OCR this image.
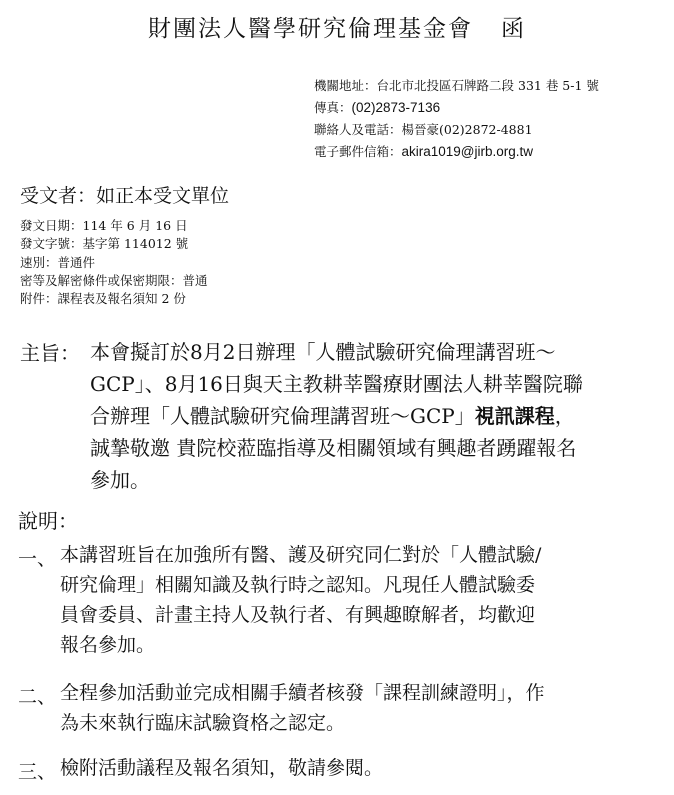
財團法人醫學研究倫理基金會 函
機關地址：台北市北投區石牌路二段 331 巷 5-1 號
傳真：(02)2873-7136
聯絡人及電話：楊晉豪(02)2872-4881
電子郵件信箱：akira1019@jirb.org.tw
受文者：如正本受文單位
發文日期：114 年 6 月 16 日
發文字號：基字第 114012 號
速別：普通件
密等及解密條件或保密期限：普通
附件：課程表及報名須知 2 份
主旨： 本會擬訂於8月2日辦理「人體試驗研究倫理講習班～
GCP」、8月16日與天主教耕莘醫療財團法人耕莘醫院聯
合辦理「人體試驗研究倫理講習班～GCP」視訊課程，
誠摯敬邀 貴院校蒞臨指導及相關領域有興趣者踴躍報名
參加。
說明：
一、 本講習班旨在加強所有醫、護及研究同仁對於「人體試驗/
研究倫理」相關知識及執行時之認知。凡現任人體試驗委
員會委員、計畫主持人及執行者、有興趣瞭解者，均歡迎
報名參加。
二、 全程參加活動並完成相關手續者核發「課程訓練證明」，作
為未來執行臨床試驗資格之認定。
三、 檢附活動議程及報名須知，敬請參閱。
